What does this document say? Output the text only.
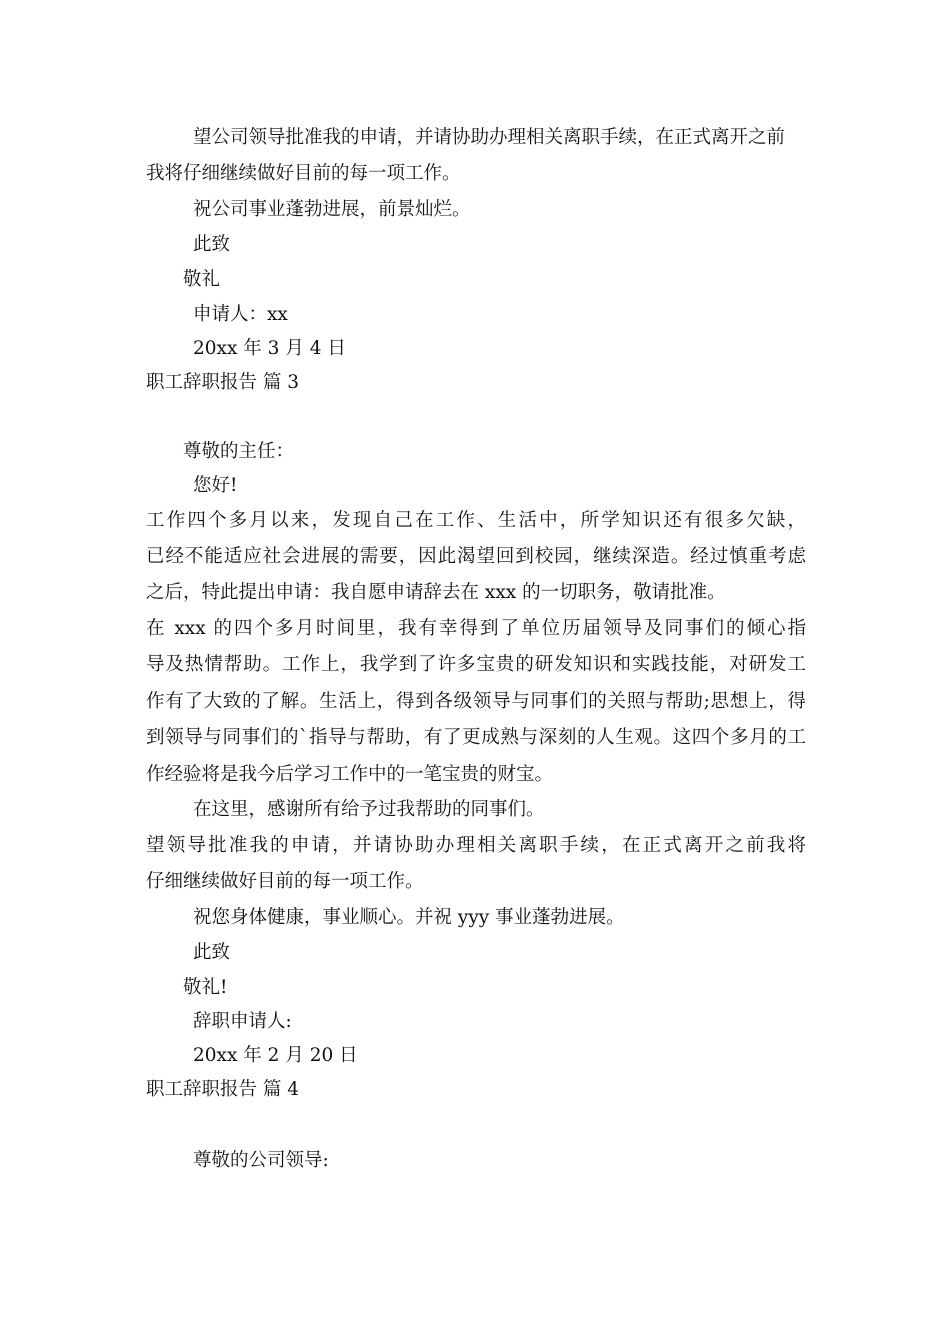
望公司领导批准我的申请，并请协助办理相关离职手续，在正式离开之前
我将仔细继续做好目前的每一项工作。
祝公司事业蓬勃进展，前景灿烂。
此致
敬礼
申请人：xx
20xx 年 3 月 4 日
职工辞职报告 篇 3
尊敬的主任：
您好!
工作四个多月以来，发现自己在工作、生活中，所学知识还有很多欠缺，
已经不能适应社会进展的需要，因此渴望回到校园，继续深造。经过慎重考虑
之后，特此提出申请：我自愿申请辞去在 xxx 的一切职务，敬请批准。
在 xxx 的四个多月时间里，我有幸得到了单位历届领导及同事们的倾心指
导及热情帮助。工作上，我学到了许多宝贵的研发知识和实践技能，对研发工
作有了大致的了解。生活上，得到各级领导与同事们的关照与帮助;思想上，得
到领导与同事们的`指导与帮助，有了更成熟与深刻的人生观。这四个多月的工
作经验将是我今后学习工作中的一笔宝贵的财宝。
在这里，感谢所有给予过我帮助的同事们。
望领导批准我的申请，并请协助办理相关离职手续，在正式离开之前我将
仔细继续做好目前的每一项工作。
祝您身体健康，事业顺心。并祝 yyy 事业蓬勃进展。
此致
敬礼!
辞职申请人:
20xx 年 2 月 20 日
职工辞职报告 篇 4
尊敬的公司领导:
